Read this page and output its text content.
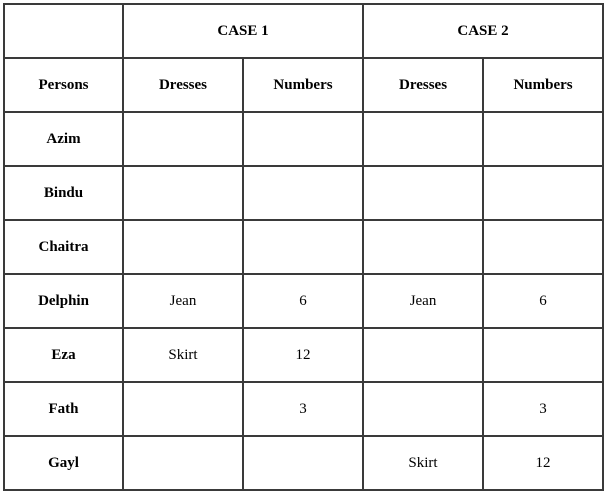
	CASE 1		CASE 2	
Persons	Dresses	Numbers	Dresses	Numbers
Azim				
Bindu				
Chaitra				
Delphin	Jean	6	Jean	6
Eza	Skirt	12		
Fath		3		3
Gayl			Skirt	12
